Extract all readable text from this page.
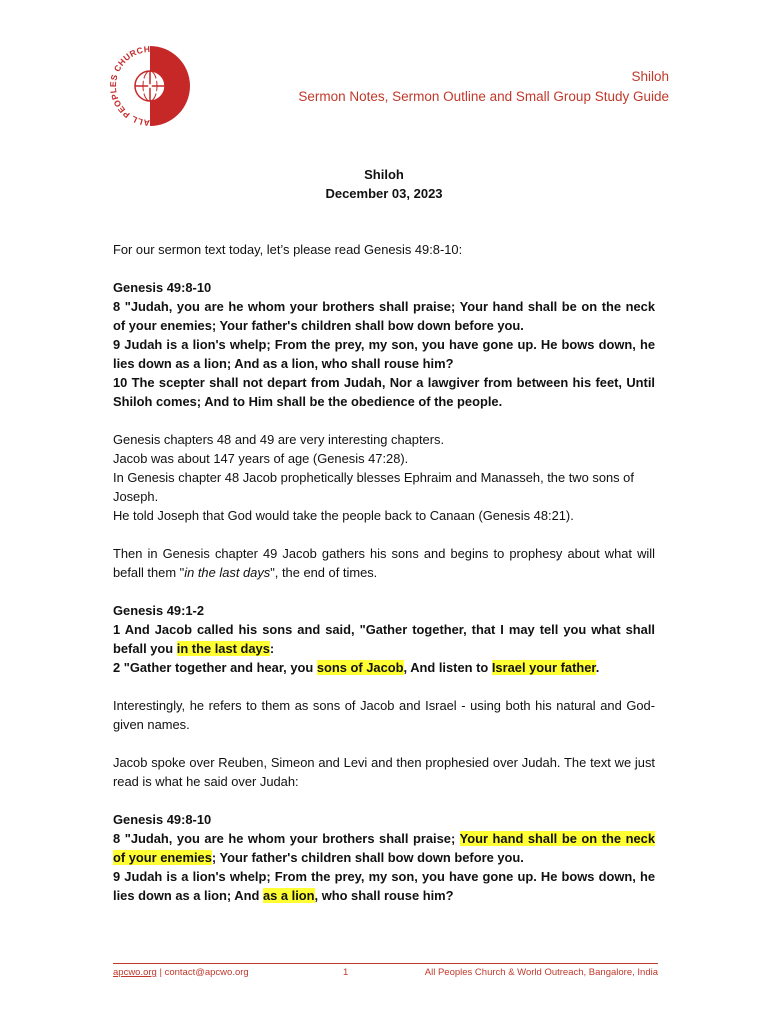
ALL PEOPLES CHURCH
Shiloh
Sermon Notes, Sermon Outline and Small Group Study Guide
Shiloh
December 03, 2023

For our sermon text today, let’s please read Genesis 49:8-10:

Genesis 49:8-10

8 "Judah, you are he whom your brothers shall praise; Your hand shall be on the neck of your enemies; Your father's children shall bow down before you.

9 Judah is a lion's whelp; From the prey, my son, you have gone up. He bows down, he lies down as a lion; And as a lion, who shall rouse him?

10 The scepter shall not depart from Judah, Nor a lawgiver from between his feet, Until Shiloh comes; And to Him shall be the obedience of the people.

Genesis chapters 48 and 49 are very interesting chapters.

Jacob was about 147 years of age (Genesis 47:28).

In Genesis chapter 48 Jacob prophetically blesses Ephraim and Manasseh, the two sons of Joseph.

He told Joseph that God would take the people back to Canaan (Genesis 48:21).

Then in Genesis chapter 49 Jacob gathers his sons and begins to prophesy about what will befall them "in the last days", the end of times.

Genesis 49:1-2

1 And Jacob called his sons and said, "Gather together, that I may tell you what shall befall you in the last days:

2 "Gather together and hear, you sons of Jacob, And listen to Israel your father.

Interestingly, he refers to them as sons of Jacob and Israel - using both his natural and God-given names.

Jacob spoke over Reuben, Simeon and Levi and then prophesied over Judah. The text we just read is what he said over Judah:

Genesis 49:8-10

8 "Judah, you are he whom your brothers shall praise; Your hand shall be on the neck of your enemies; Your father's children shall bow down before you.

9 Judah is a lion's whelp; From the prey, my son, you have gone up. He bows down, he lies down as a lion; And as a lion, who shall rouse him?

apcwo.org | contact@apcwo.org	1	All Peoples Church & World Outreach, Bangalore, India
